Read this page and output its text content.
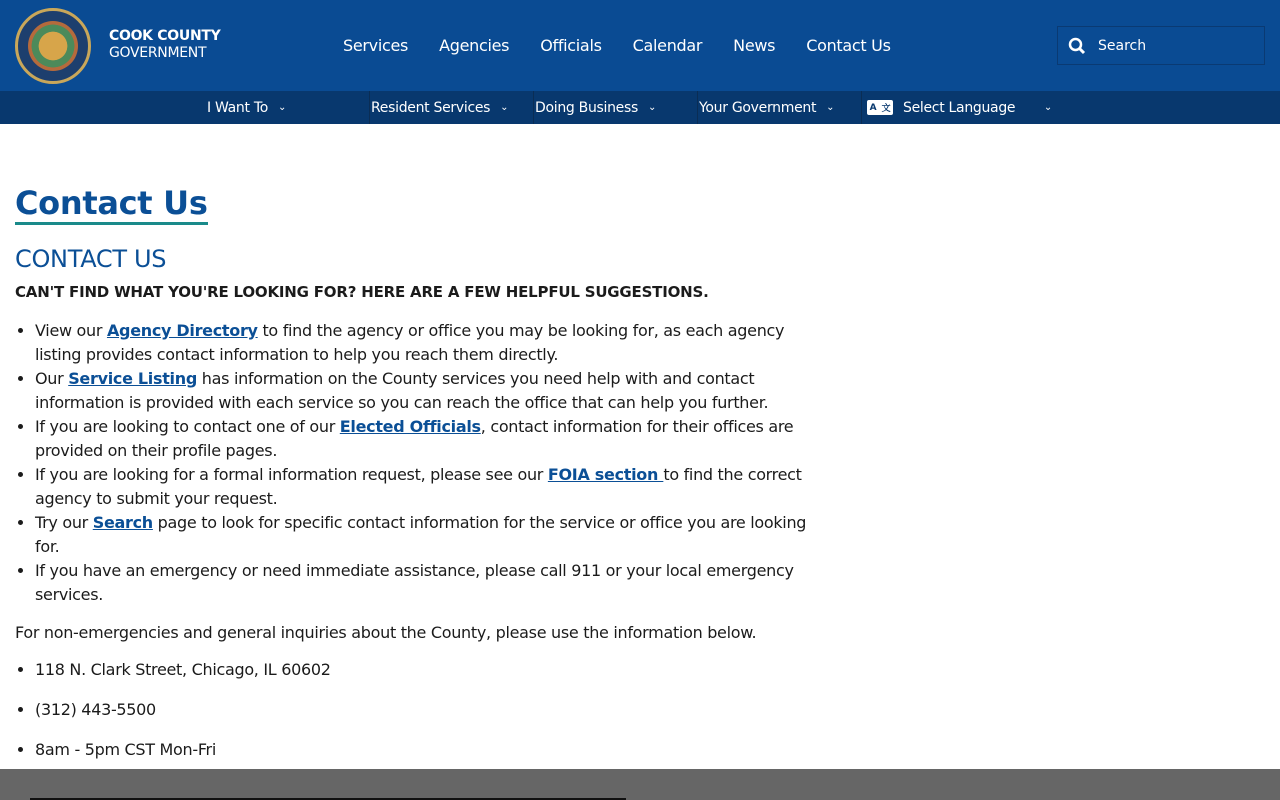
COOK COUNTY
GOVERNMENT	Services Agencies Officials Calendar News Contact Us	Search
I Want To ⌄	Resident Services ⌄ Doing Business ⌄	Your Government ⌄	A 文 Select Language	⌄
Contact Us
CONTACT US
CAN'T FIND WHAT YOU'RE LOOKING FOR? HERE ARE A FEW HELPFUL SUGGESTIONS.
• View our Agency Directory to find the agency or office you may be looking for, as each agency listing provides contact information to help you reach them directly.
• Our Service Listing has information on the County services you need help with and contact information is provided with each service so you can reach the office that can help you further.
• If you are looking to contact one of our Elected Officials, contact information for their offices are provided on their profile pages.
• If you are looking for a formal information request, please see our FOIA section to find the correct agency to submit your request.
• Try our Search page to look for specific contact information for the service or office you are looking for.
• If you have an emergency or need immediate assistance, please call 911 or your local emergency services.

For non-emergencies and general inquiries about the County, please use the information below.

• 118 N. Clark Street, Chicago, IL 60602
• (312) 443-5500
• 8am - 5pm CST Mon-Fri
